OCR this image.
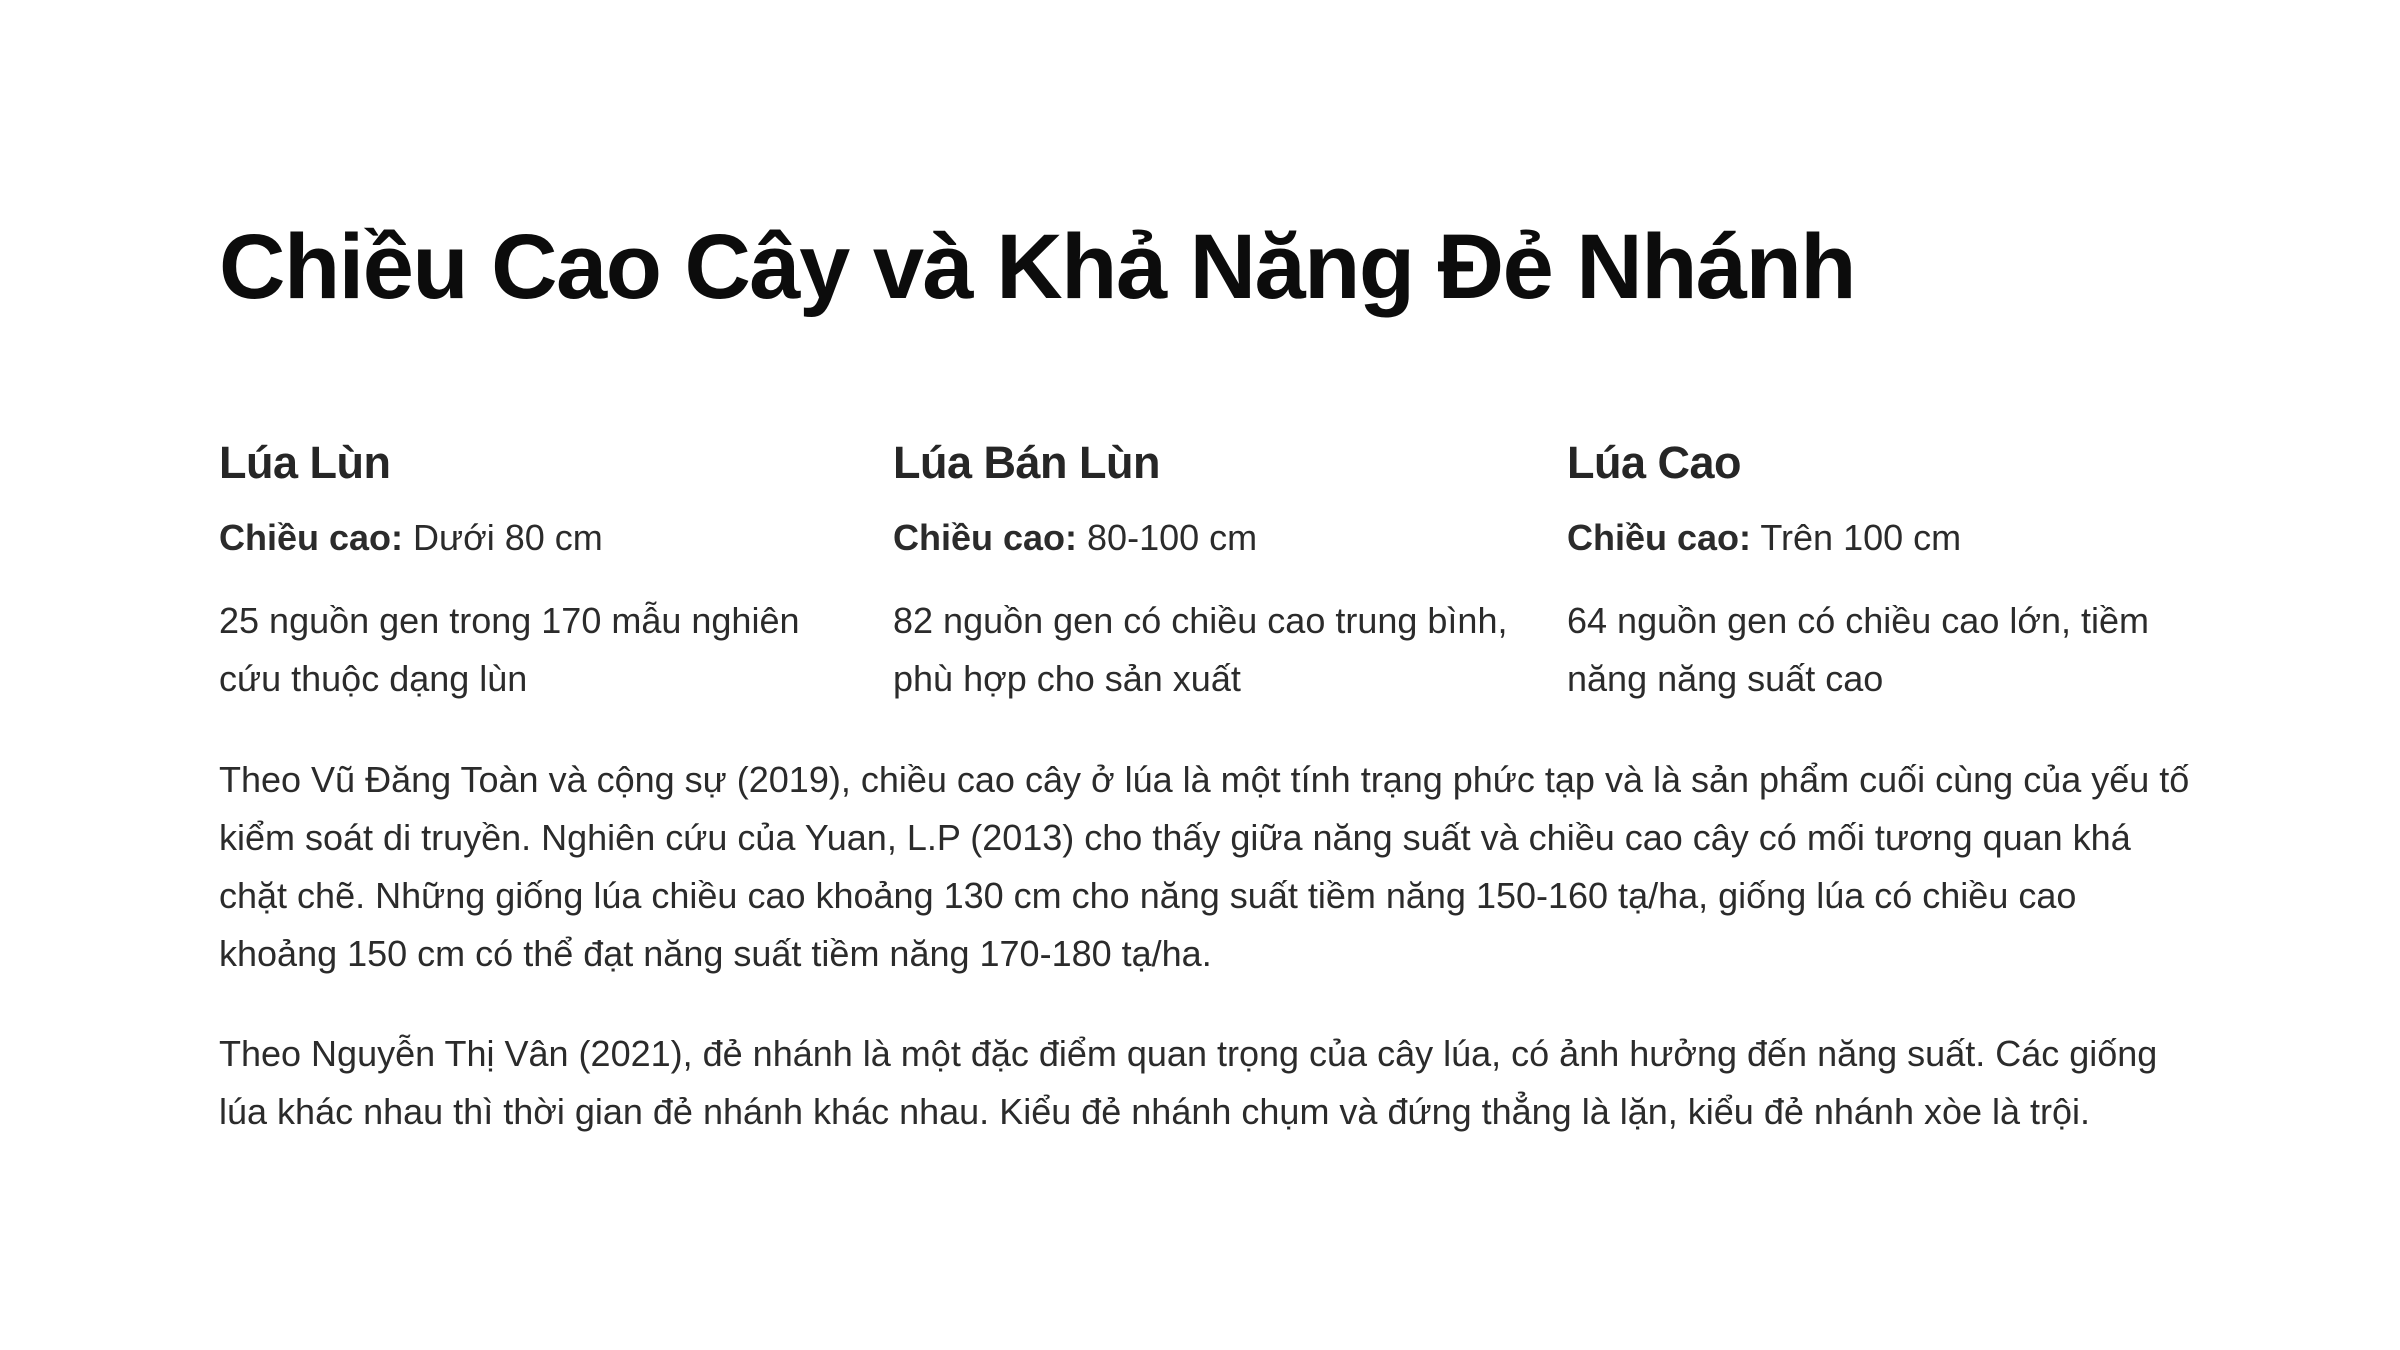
Chiều Cao Cây và Khả Năng Đẻ Nhánh
Lúa Lùn

Chiều cao: Dưới 80 cm

25 nguồn gen trong 170 mẫu nghiên cứu thuộc dạng lùn

Lúa Bán Lùn

Chiều cao: 80-100 cm

82 nguồn gen có chiều cao trung bình, phù hợp cho sản xuất

Lúa Cao

Chiều cao: Trên 100 cm

64 nguồn gen có chiều cao lớn, tiềm năng năng suất cao

Theo Vũ Đăng Toàn và cộng sự (2019), chiều cao cây ở lúa là một tính trạng phức tạp và là sản phẩm cuối cùng của yếu tố kiểm soát di truyền. Nghiên cứu của Yuan, L.P (2013) cho thấy giữa năng suất và chiều cao cây có mối tương quan khá chặt chẽ. Những giống lúa chiều cao khoảng 130 cm cho năng suất tiềm năng 150-160 tạ/ha, giống lúa có chiều cao khoảng 150 cm có thể đạt năng suất tiềm năng 170-180 tạ/ha.

Theo Nguyễn Thị Vân (2021), đẻ nhánh là một đặc điểm quan trọng của cây lúa, có ảnh hưởng đến năng suất. Các giống lúa khác nhau thì thời gian đẻ nhánh khác nhau. Kiểu đẻ nhánh chụm và đứng thẳng là lặn, kiểu đẻ nhánh xòe là trội.
